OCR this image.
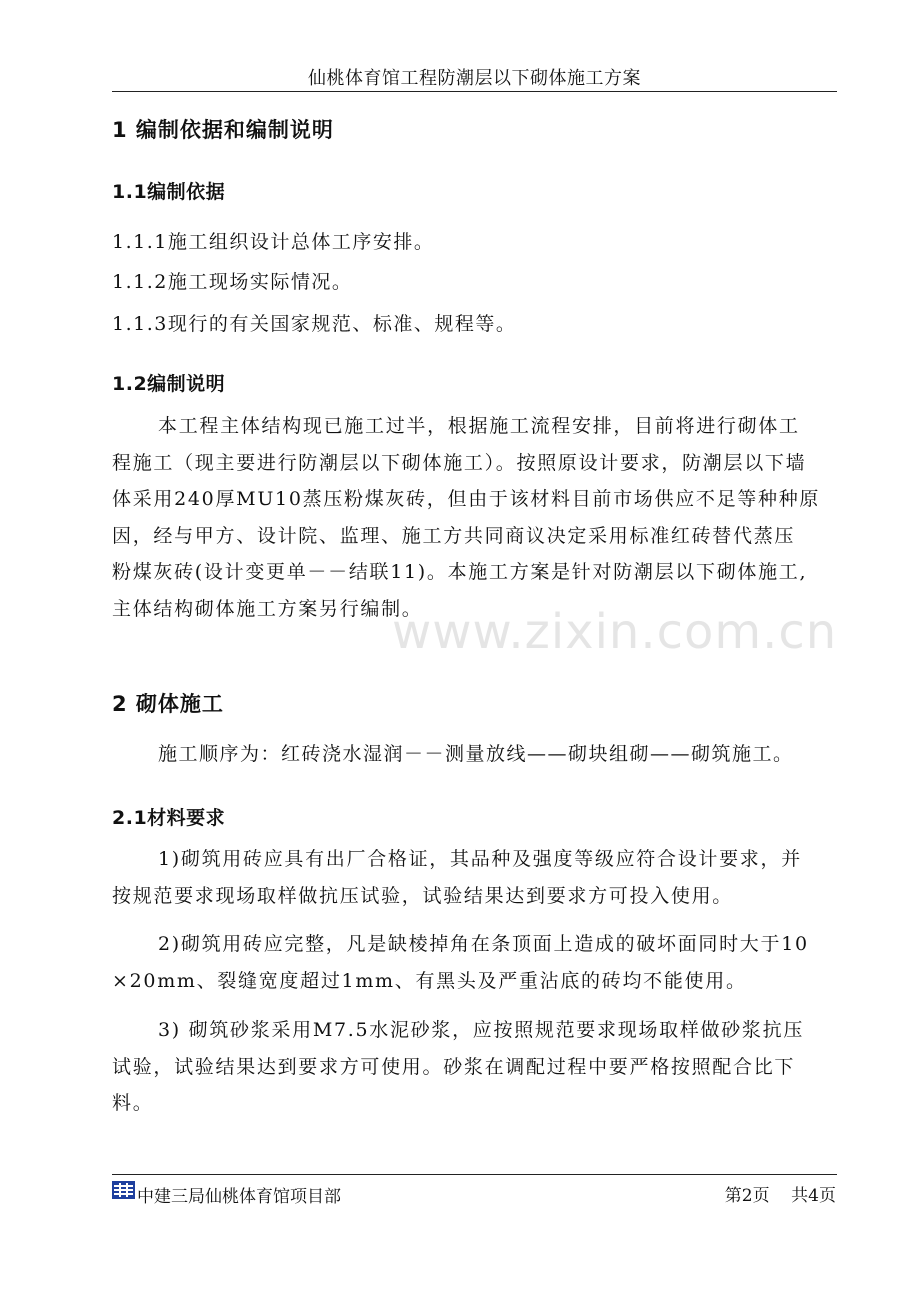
仙桃体育馆工程防潮层以下砌体施工方案
1 编制依据和编制说明
1.1编制依据
1.1.1施工组织设计总体工序安排。
1.1.2施工现场实际情况。
1.1.3现行的有关国家规范、标准、规程等。
1.2编制说明
本工程主体结构现已施工过半，根据施工流程安排，目前将进行砌体工
程施工（现主要进行防潮层以下砌体施工）。按照原设计要求，防潮层以下墙
体采用240厚MU10蒸压粉煤灰砖，但由于该材料目前市场供应不足等种种原
因，经与甲方、设计院、监理、施工方共同商议决定采用标准红砖替代蒸压
粉煤灰砖(设计变更单－－结联11)。本施工方案是针对防潮层以下砌体施工,
主体结构砌体施工方案另行编制。
www.zixin.com.cn
2 砌体施工
施工顺序为：红砖浇水湿润－－测量放线——砌块组砌——砌筑施工。
2.1材料要求
1)砌筑用砖应具有出厂合格证，其品种及强度等级应符合设计要求，并
按规范要求现场取样做抗压试验，试验结果达到要求方可投入使用。
2)砌筑用砖应完整，凡是缺棱掉角在条顶面上造成的破坏面同时大于10
×20mm、裂缝宽度超过1mm、有黑头及严重沾底的砖均不能使用。
3) 砌筑砂浆采用M7.5水泥砂浆，应按照规范要求现场取样做砂浆抗压
试验，试验结果达到要求方可使用。砂浆在调配过程中要严格按照配合比下
料。
中建三局仙桃体育馆项目部	第2页    共4页
